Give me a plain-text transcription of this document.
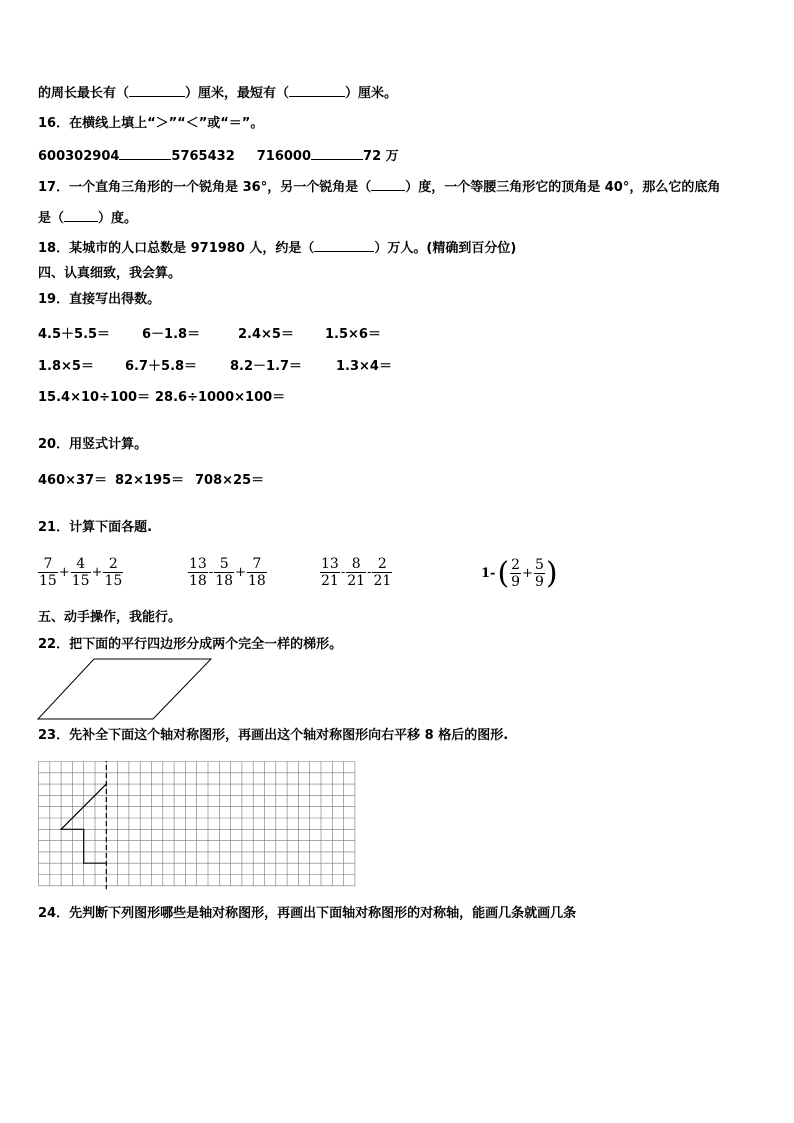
的周长最长有（	）厘米，最短有（	）厘米。
16．在横线上填上“＞”“＜”或“＝”。
600302904	5765432 716000	72 万
17．一个直角三角形的一个锐角是 36°，另一个锐角是（	）度，一个等腰三角形它的顶角是 40°，那么它的底角
是（	）度。
18．某城市的人口总数是 971980 人，约是（	）万人。(精确到百分位)
四、认真细致，我会算。
19．直接写出得数。
4.5＋5.5＝ 6－1.8＝	2.4×5＝ 1.5×6＝
1.8×5＝ 6.7＋5.8＝	8.2－1.7＝	1.3×4＝
15.4×10÷100＝ 28.6÷1000×100＝
20．用竖式计算。
460×37＝ 82×195＝ 708×25＝
21．计算下面各题.
$\frac{7}{15} + \frac{4}{15} + \frac{2}{15}$	$\frac{13}{18} - \frac{5}{18} + \frac{7}{18}$	$\frac{13}{21} - \frac{8}{21} - \frac{2}{21}$	$1-( \frac{2}{9} + \frac{5}{9}$ )
五、动手操作，我能行。
22．把下面的平行四边形分成两个完全一样的梯形。
23．先补全下面这个轴对称图形，再画出这个轴对称图形向右平移 8 格后的图形.
24．先判断下列图形哪些是轴对称图形，再画出下面轴对称图形的对称轴，能画几条就画几条
